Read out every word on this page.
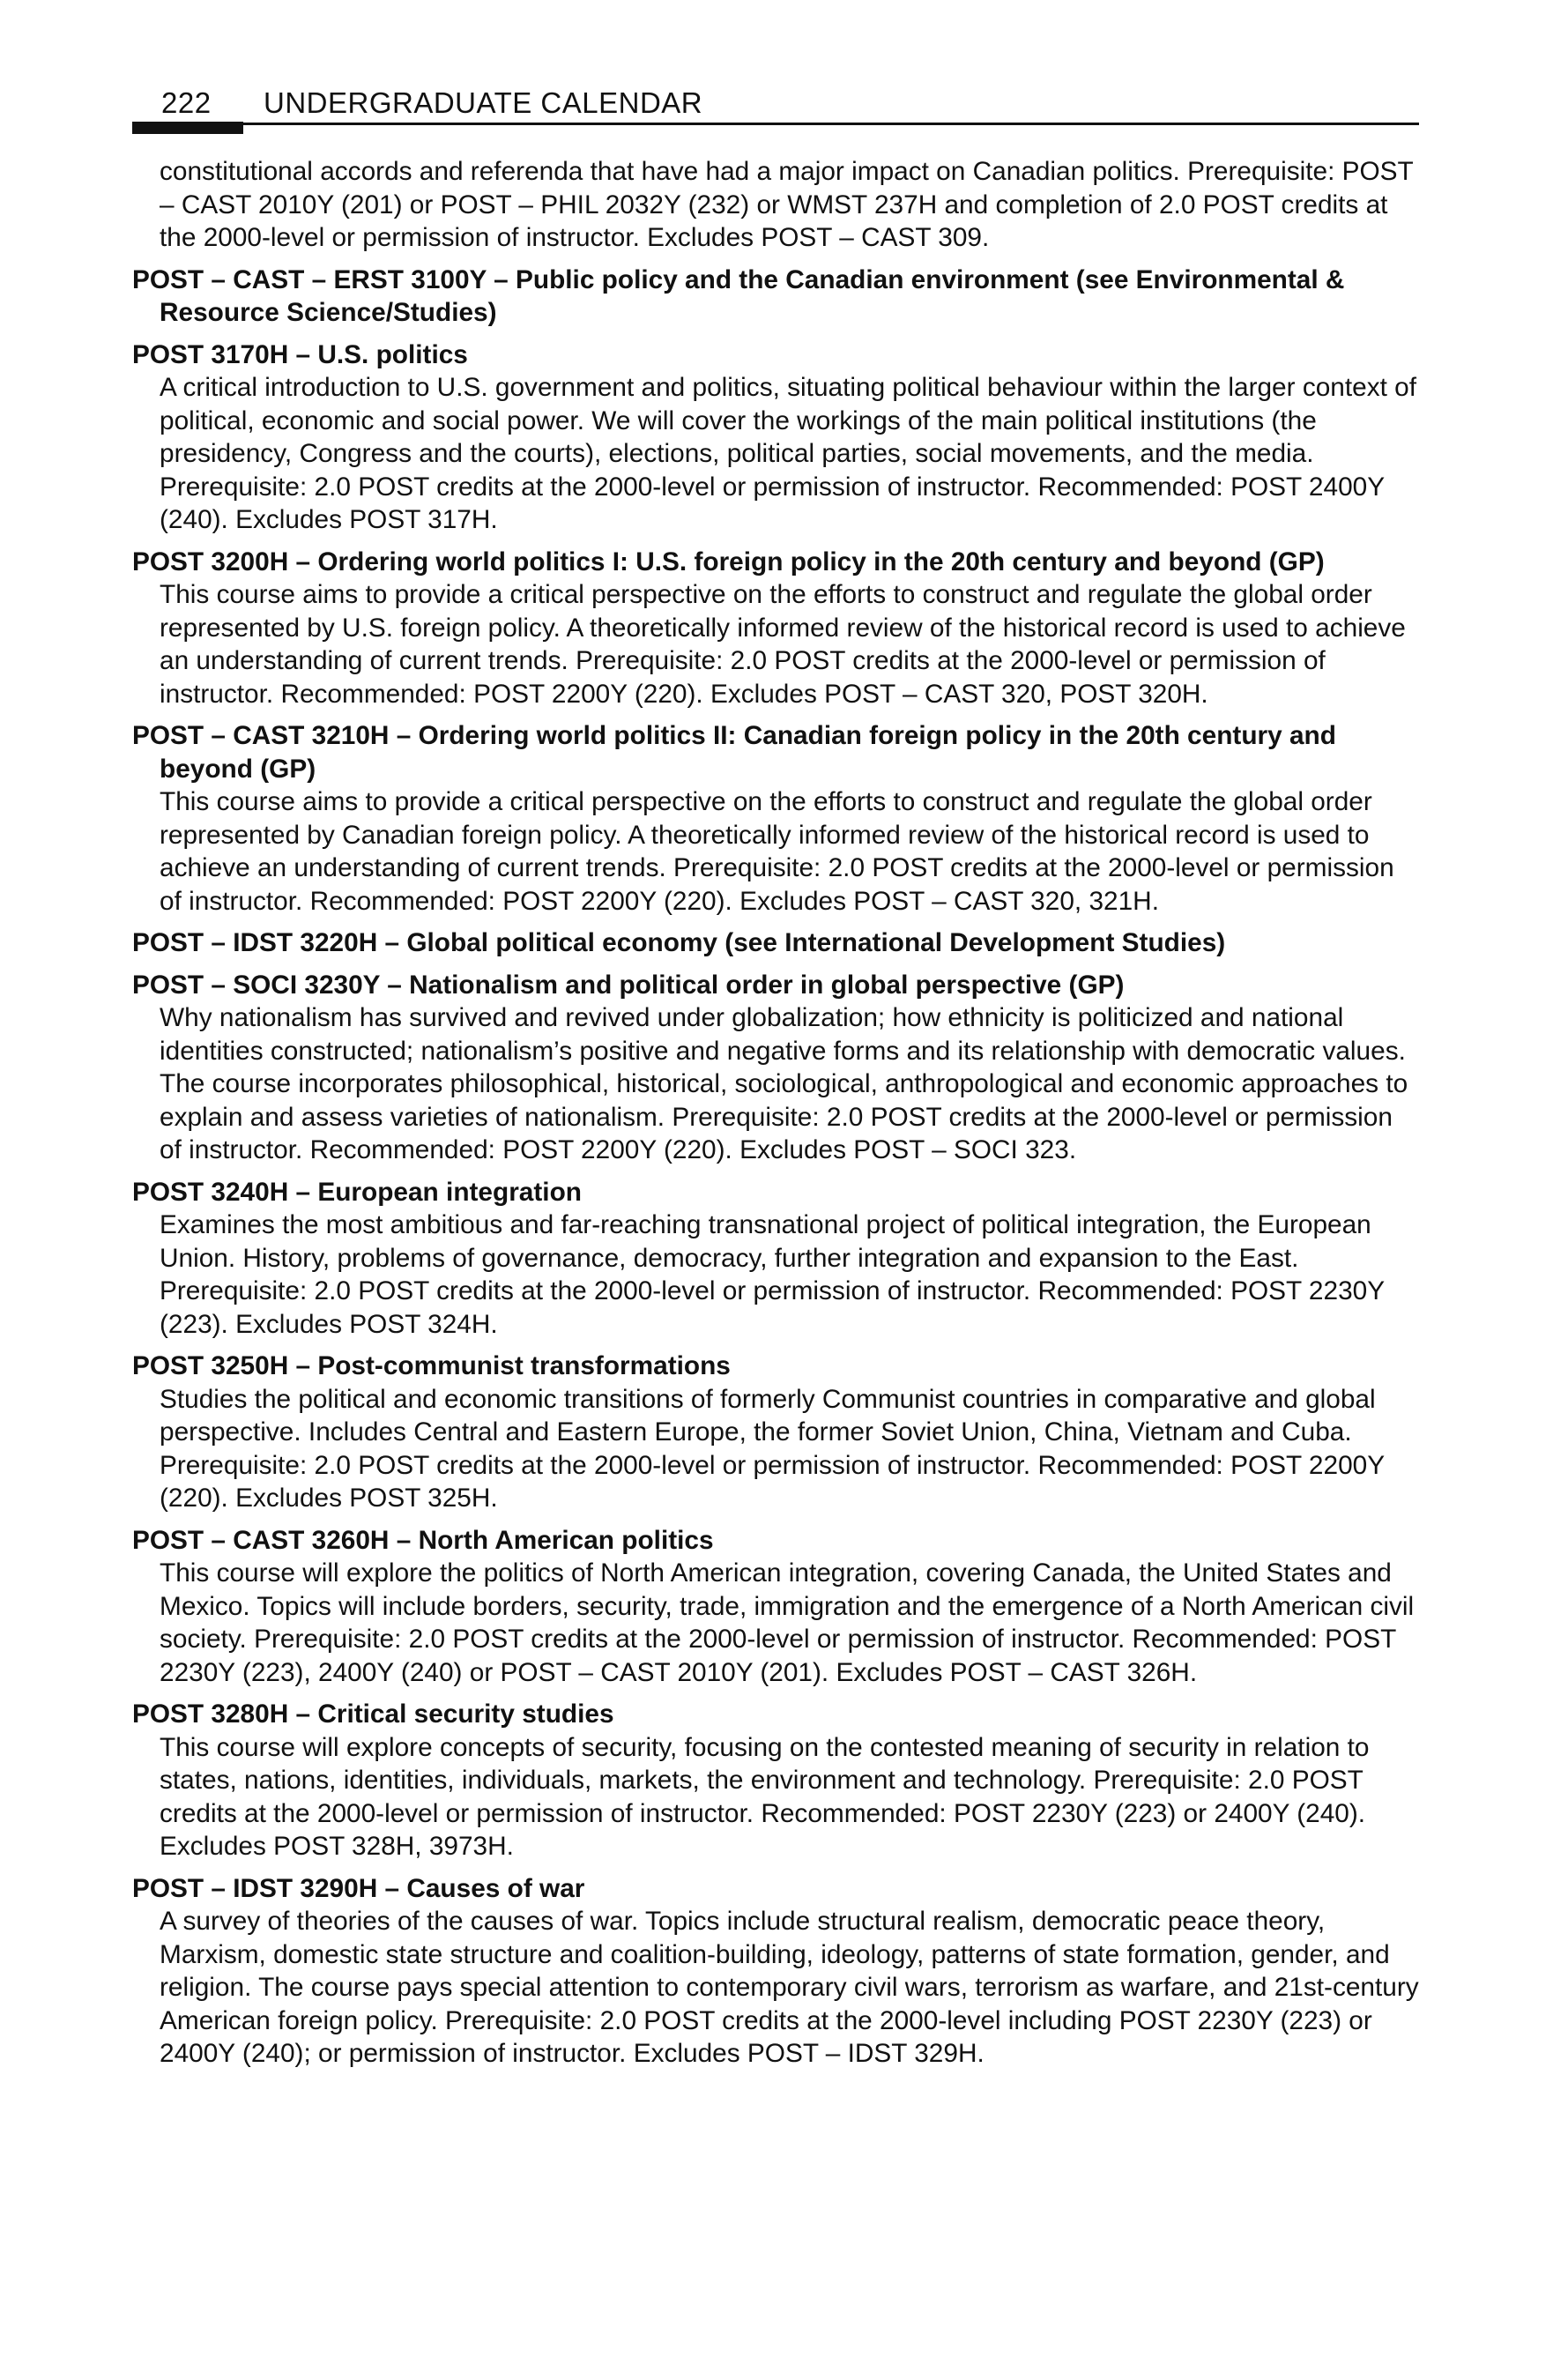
222 UNDERGRADUATE CALENDAR
constitutional accords and referenda that have had a major impact on Canadian politics. Prerequisite: POST – CAST 2010Y (201) or POST – PHIL 2032Y (232) or WMST 237H and completion of 2.0 POST credits at the 2000-level or permission of instructor. Excludes POST – CAST 309.
POST – CAST – ERST 3100Y – Public policy and the Canadian environment (see Environmental & Resource Science/Studies)
POST 3170H – U.S. politics
A critical introduction to U.S. government and politics, situating political behaviour within the larger context of political, economic and social power. We will cover the workings of the main political institutions (the presidency, Congress and the courts), elections, political parties, social movements, and the media. Prerequisite: 2.0 POST credits at the 2000-level or permission of instructor. Recommended: POST 2400Y (240). Excludes POST 317H.
POST 3200H – Ordering world politics I: U.S. foreign policy in the 20th century and beyond (GP)
This course aims to provide a critical perspective on the efforts to construct and regulate the global order represented by U.S. foreign policy. A theoretically informed review of the historical record is used to achieve an understanding of current trends. Prerequisite: 2.0 POST credits at the 2000-level or permission of instructor. Recommended: POST 2200Y (220). Excludes POST – CAST 320, POST 320H.
POST – CAST 3210H – Ordering world politics II: Canadian foreign policy in the 20th century and beyond (GP)
This course aims to provide a critical perspective on the efforts to construct and regulate the global order represented by Canadian foreign policy. A theoretically informed review of the historical record is used to achieve an understanding of current trends. Prerequisite: 2.0 POST credits at the 2000-level or permission of instructor. Recommended: POST 2200Y (220). Excludes POST – CAST 320, 321H.
POST – IDST 3220H – Global political economy (see International Development Studies)
POST – SOCI 3230Y – Nationalism and political order in global perspective (GP)
Why nationalism has survived and revived under globalization; how ethnicity is politicized and national identities constructed; nationalism’s positive and negative forms and its relationship with democratic values. The course incorporates philosophical, historical, sociological, anthropological and economic approaches to explain and assess varieties of nationalism. Prerequisite: 2.0 POST credits at the 2000-level or permission of instructor. Recommended: POST 2200Y (220). Excludes POST – SOCI 323.
POST 3240H – European integration
Examines the most ambitious and far-reaching transnational project of political integration, the European Union. History, problems of governance, democracy, further integration and expansion to the East. Prerequisite: 2.0 POST credits at the 2000-level or permission of instructor. Recommended: POST 2230Y (223). Excludes POST 324H.
POST 3250H – Post-communist transformations
Studies the political and economic transitions of formerly Communist countries in comparative and global perspective. Includes Central and Eastern Europe, the former Soviet Union, China, Vietnam and Cuba. Prerequisite: 2.0 POST credits at the 2000-level or permission of instructor. Recommended: POST 2200Y (220). Excludes POST 325H.
POST – CAST 3260H – North American politics
This course will explore the politics of North American integration, covering Canada, the United States and Mexico. Topics will include borders, security, trade, immigration and the emergence of a North American civil society. Prerequisite: 2.0 POST credits at the 2000-level or permission of instructor. Recommended: POST 2230Y (223), 2400Y (240) or POST – CAST 2010Y (201). Excludes POST – CAST 326H.
POST 3280H – Critical security studies
This course will explore concepts of security, focusing on the contested meaning of security in relation to states, nations, identities, individuals, markets, the environment and technology. Prerequisite: 2.0 POST credits at the 2000-level or permission of instructor. Recommended: POST 2230Y (223) or 2400Y (240). Excludes POST 328H, 3973H.
POST – IDST 3290H – Causes of war
A survey of theories of the causes of war. Topics include structural realism, democratic peace theory, Marxism, domestic state structure and coalition-building, ideology, patterns of state formation, gender, and religion. The course pays special attention to contemporary civil wars, terrorism as warfare, and 21st-century American foreign policy. Prerequisite: 2.0 POST credits at the 2000-level including POST 2230Y (223) or 2400Y (240); or permission of instructor. Excludes POST – IDST 329H.
